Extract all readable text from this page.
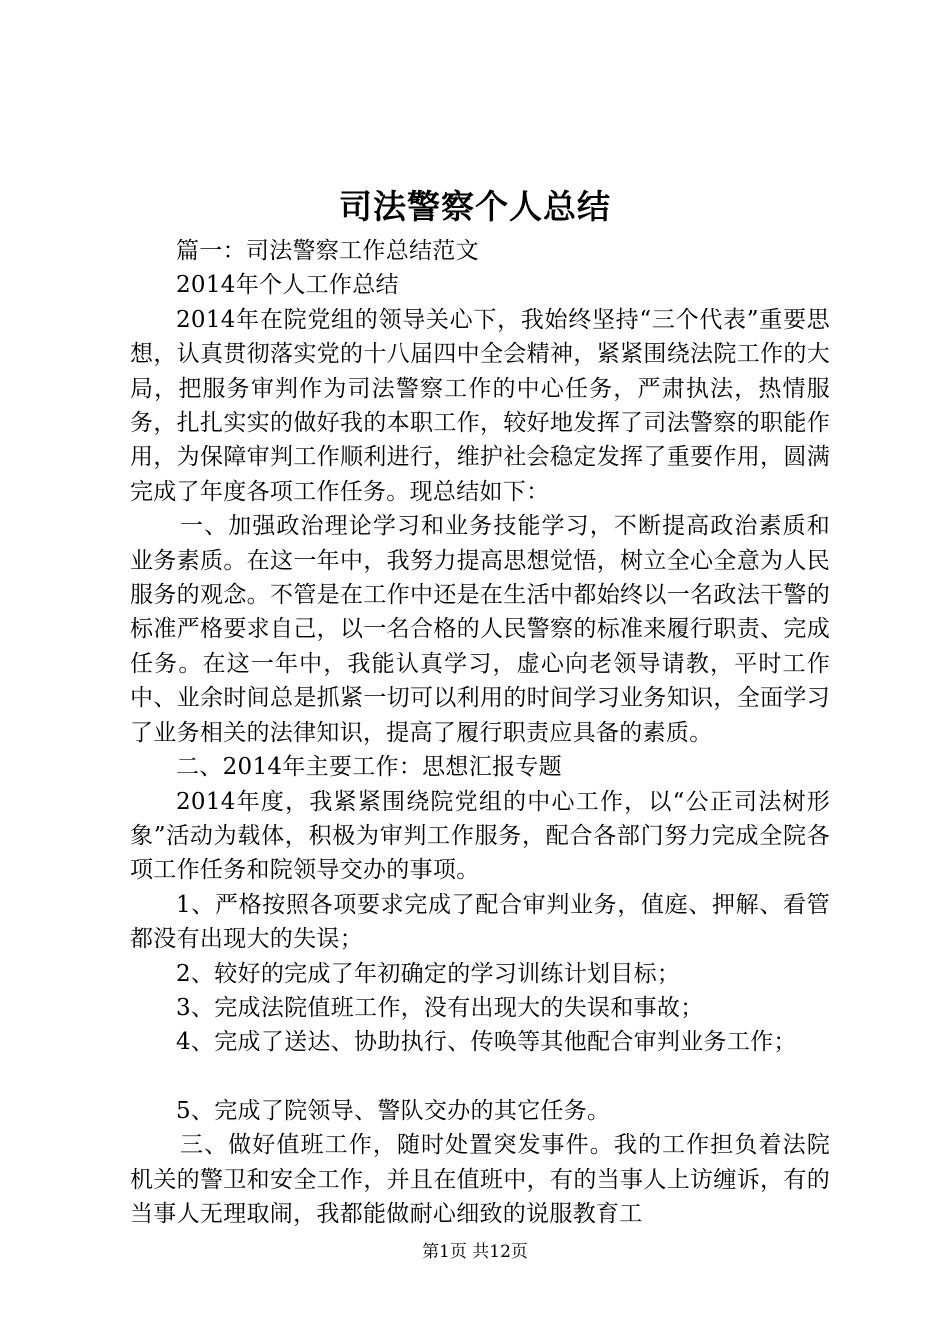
司法警察个人总结

篇一：司法警察工作总结范文

2014年个人工作总结

2014年在院党组的领导关心下，我始终坚持“三个代表”重要思想，认真贯彻落实党的十八届四中全会精神，紧紧围绕法院工作的大局，把服务审判作为司法警察工作的中心任务，严肃执法，热情服务，扎扎实实的做好我的本职工作，较好地发挥了司法警察的职能作用，为保障审判工作顺利进行，维护社会稳定发挥了重要作用，圆满完成了年度各项工作任务。现总结如下：

一、加强政治理论学习和业务技能学习，不断提高政治素质和业务素质。在这一年中，我努力提高思想觉悟，树立全心全意为人民服务的观念。不管是在工作中还是在生活中都始终以一名政法干警的标准严格要求自己，以一名合格的人民警察的标准来履行职责、完成任务。在这一年中，我能认真学习，虚心向老领导请教，平时工作中、业余时间总是抓紧一切可以利用的时间学习业务知识，全面学习了业务相关的法律知识，提高了履行职责应具备的素质。

二、2014年主要工作：思想汇报专题

2014年度，我紧紧围绕院党组的中心工作，以“公正司法树形象”活动为载体，积极为审判工作服务，配合各部门努力完成全院各项工作任务和院领导交办的事项。

1、严格按照各项要求完成了配合审判业务，值庭、押解、看管都没有出现大的失误；

2、较好的完成了年初确定的学习训练计划目标；

3、完成法院值班工作，没有出现大的失误和事故；

4、完成了送达、协助执行、传唤等其他配合审判业务工作；

5、完成了院领导、警队交办的其它任务。

三、做好值班工作，随时处置突发事件。我的工作担负着法院机关的警卫和安全工作，并且在值班中，有的当事人上访缠诉，有的当事人无理取闹，我都能做耐心细致的说服教育工

第1页 共12页
